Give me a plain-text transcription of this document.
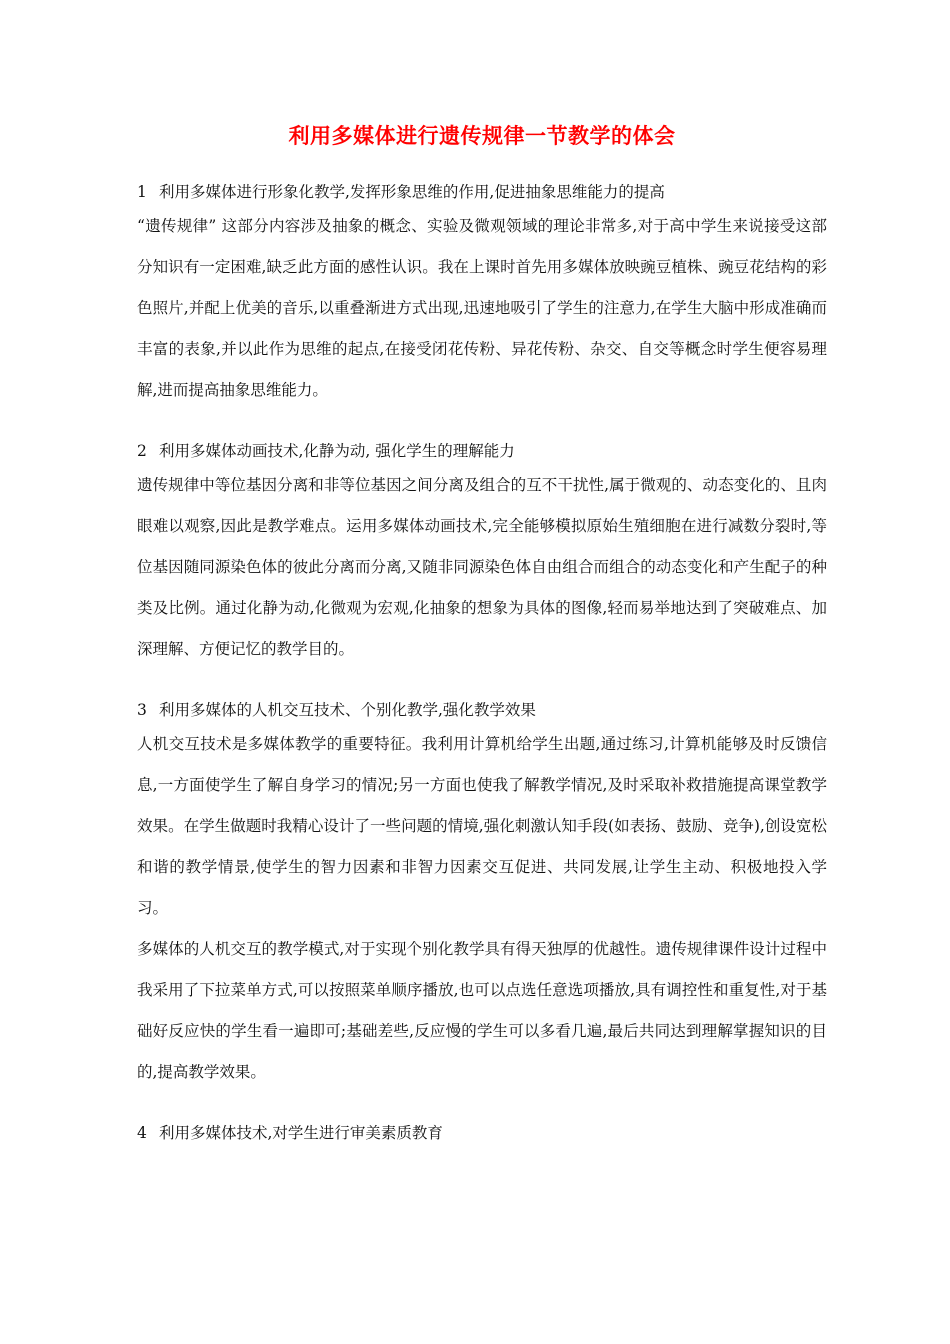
利用多媒体进行遗传规律一节教学的体会

1 利用多媒体进行形象化教学,发挥形象思维的作用,促进抽象思维能力的提高

“遗传规律” 这部分内容涉及抽象的概念、实验及微观领域的理论非常多,对于高中学生来说接受这部分知识有一定困难,缺乏此方面的感性认识。我在上课时首先用多媒体放映豌豆植株、豌豆花结构的彩色照片,并配上优美的音乐,以重叠渐进方式出现,迅速地吸引了学生的注意力,在学生大脑中形成准确而丰富的表象,并以此作为思维的起点,在接受闭花传粉、异花传粉、杂交、自交等概念时学生便容易理解,进而提高抽象思维能力。

2 利用多媒体动画技术,化静为动, 强化学生的理解能力

遗传规律中等位基因分离和非等位基因之间分离及组合的互不干扰性,属于微观的、动态变化的、且肉眼难以观察,因此是教学难点。运用多媒体动画技术,完全能够模拟原始生殖细胞在进行减数分裂时,等位基因随同源染色体的彼此分离而分离,又随非同源染色体自由组合而组合的动态变化和产生配子的种类及比例。通过化静为动,化微观为宏观,化抽象的想象为具体的图像,轻而易举地达到了突破难点、加深理解、方便记忆的教学目的。

3 利用多媒体的人机交互技术、个别化教学,强化教学效果

人机交互技术是多媒体教学的重要特征。我利用计算机给学生出题,通过练习,计算机能够及时反馈信息,一方面使学生了解自身学习的情况;另一方面也使我了解教学情况,及时采取补救措施提高课堂教学效果。在学生做题时我精心设计了一些问题的情境,强化刺激认知手段(如表扬、鼓励、竞争),创设宽松和谐的教学情景,使学生的智力因素和非智力因素交互促进、共同发展,让学生主动、积极地投入学习。

多媒体的人机交互的教学模式,对于实现个别化教学具有得天独厚的优越性。遗传规律课件设计过程中我采用了下拉菜单方式,可以按照菜单顺序播放,也可以点选任意选项播放,具有调控性和重复性,对于基础好反应快的学生看一遍即可;基础差些,反应慢的学生可以多看几遍,最后共同达到理解掌握知识的目的,提高教学效果。

4 利用多媒体技术,对学生进行审美素质教育
